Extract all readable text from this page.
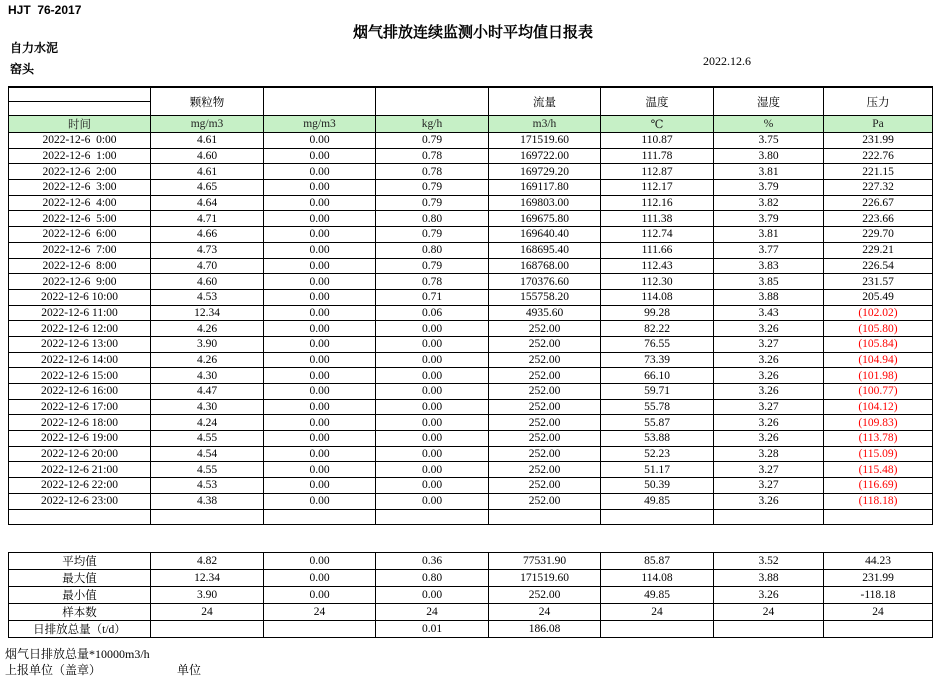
HJT  76-2017
烟气排放连续监测小时平均值日报表
自力水泥
窑头
2022.12.6
	颗粒物			流量	温度	湿度	压力

时间	mg/m3	mg/m3	kg/h	m3/h	℃	%	Pa
2022-12-6  0:00	4.61	0.00	0.79	171519.60	110.87	3.75	231.99
2022-12-6  1:00	4.60	0.00	0.78	169722.00	111.78	3.80	222.76
2022-12-6  2:00	4.61	0.00	0.78	169729.20	112.87	3.81	221.15
2022-12-6  3:00	4.65	0.00	0.79	169117.80	112.17	3.79	227.32
2022-12-6  4:00	4.64	0.00	0.79	169803.00	112.16	3.82	226.67
2022-12-6  5:00	4.71	0.00	0.80	169675.80	111.38	3.79	223.66
2022-12-6  6:00	4.66	0.00	0.79	169640.40	112.74	3.81	229.70
2022-12-6  7:00	4.73	0.00	0.80	168695.40	111.66	3.77	229.21
2022-12-6  8:00	4.70	0.00	0.79	168768.00	112.43	3.83	226.54
2022-12-6  9:00	4.60	0.00	0.78	170376.60	112.30	3.85	231.57
2022-12-6 10:00	4.53	0.00	0.71	155758.20	114.08	3.88	205.49
2022-12-6 11:00	12.34	0.00	0.06	4935.60	99.28	3.43	(102.02)
2022-12-6 12:00	4.26	0.00	0.00	252.00	82.22	3.26	(105.80)
2022-12-6 13:00	3.90	0.00	0.00	252.00	76.55	3.27	(105.84)
2022-12-6 14:00	4.26	0.00	0.00	252.00	73.39	3.26	(104.94)
2022-12-6 15:00	4.30	0.00	0.00	252.00	66.10	3.26	(101.98)
2022-12-6 16:00	4.47	0.00	0.00	252.00	59.71	3.26	(100.77)
2022-12-6 17:00	4.30	0.00	0.00	252.00	55.78	3.27	(104.12)
2022-12-6 18:00	4.24	0.00	0.00	252.00	55.87	3.26	(109.83)
2022-12-6 19:00	4.55	0.00	0.00	252.00	53.88	3.26	(113.78)
2022-12-6 20:00	4.54	0.00	0.00	252.00	52.23	3.28	(115.09)
2022-12-6 21:00	4.55	0.00	0.00	252.00	51.17	3.27	(115.48)
2022-12-6 22:00	4.53	0.00	0.00	252.00	50.39	3.27	(116.69)
2022-12-6 23:00	4.38	0.00	0.00	252.00	49.85	3.26	(118.18)

平均值	4.82	0.00	0.36	77531.90	85.87	3.52	44.23
最大值	12.34	0.00	0.80	171519.60	114.08	3.88	231.99
最小值	3.90	0.00	0.00	252.00	49.85	3.26	-118.18
样本数	24	24	24	24	24	24	24
日排放总量（t/d）			0.01	186.08			
烟气日排放总量*10000m3/h
上报单位（盖章）	单位
